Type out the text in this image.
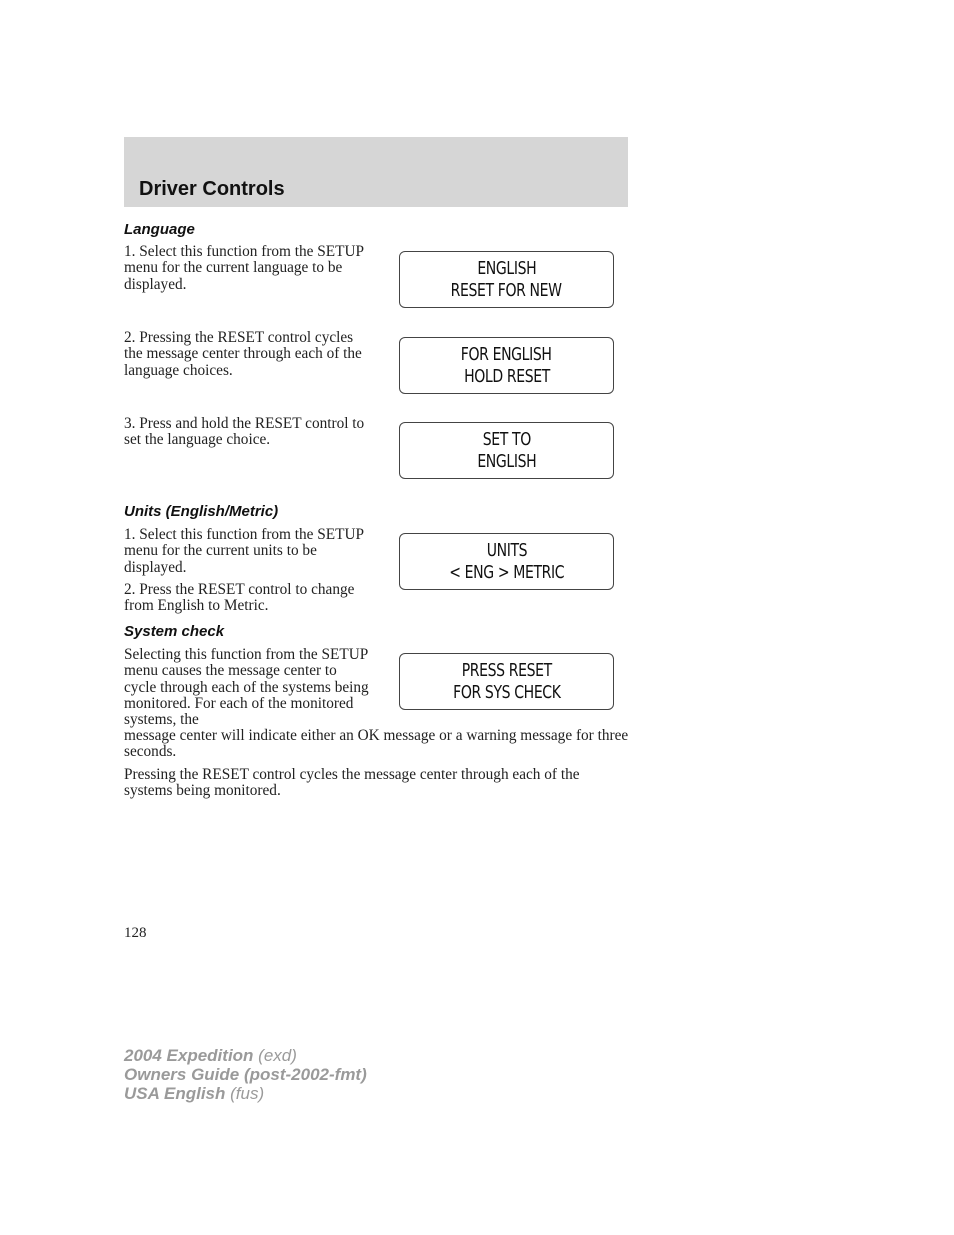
Driver Controls
Language
1. Select this function from the SETUP menu for the current language to be displayed.
2. Pressing the RESET control cycles the message center through each of the language choices.
3. Press and hold the RESET control to set the language choice.
ENGLISH
RESET FOR NEW
FOR ENGLISH
HOLD RESET
SET TO
ENGLISH
Units (English/Metric)
1. Select this function from the SETUP menu for the current units to be displayed.
2. Press the RESET control to change from English to Metric.
UNITS
< ENG > METRIC
System check
Selecting this function from the SETUP menu causes the message center to cycle through each of the systems being monitored. For each of the monitored systems, the
message center will indicate either an OK message or a warning message for three seconds.
Pressing the RESET control cycles the message center through each of the systems being monitored.
PRESS RESET
FOR SYS CHECK
128
2004 Expedition (exd)
Owners Guide (post-2002-fmt)
USA English (fus)
